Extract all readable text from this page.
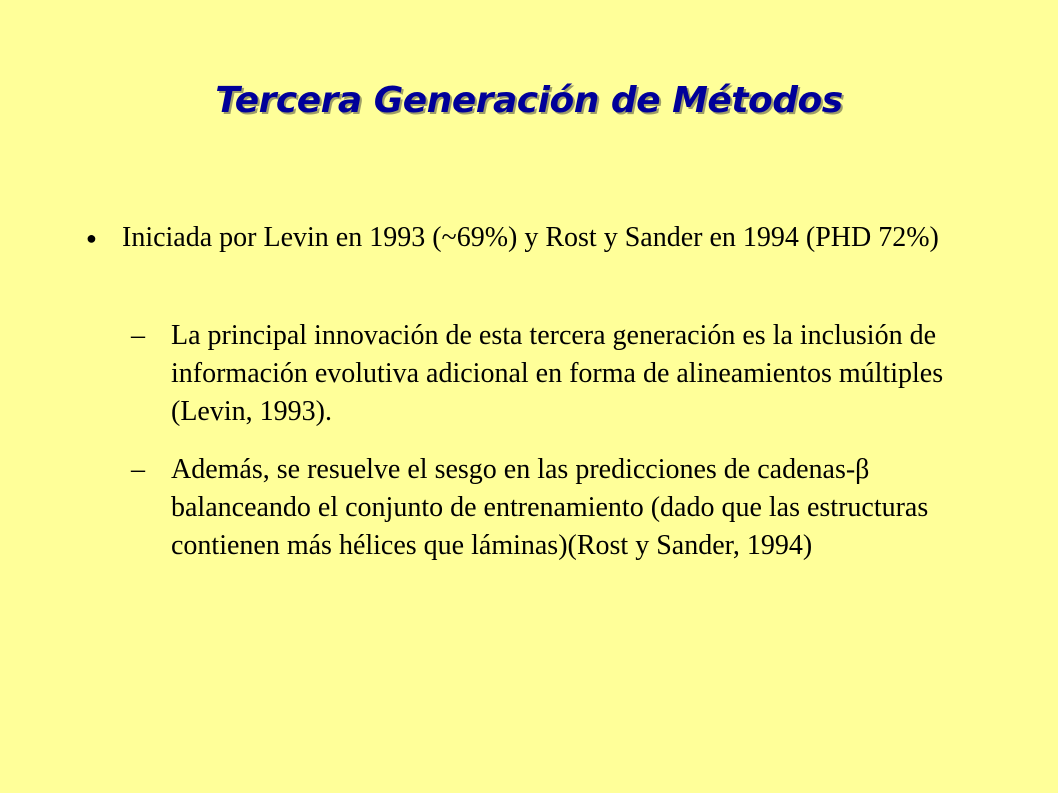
Tercera Generación de Métodos
● Iniciada por Levin en 1993 (~69%) y Rost y Sander en 1994 (PHD 72%)
– La principal innovación de esta tercera generación es la inclusión de información evolutiva adicional en forma de alineamientos múltiples (Levin, 1993).
– Además, se resuelve el sesgo en las predicciones de cadenas-β balanceando el conjunto de entrenamiento (dado que las estructuras contienen más hélices que láminas)(Rost y Sander, 1994)
